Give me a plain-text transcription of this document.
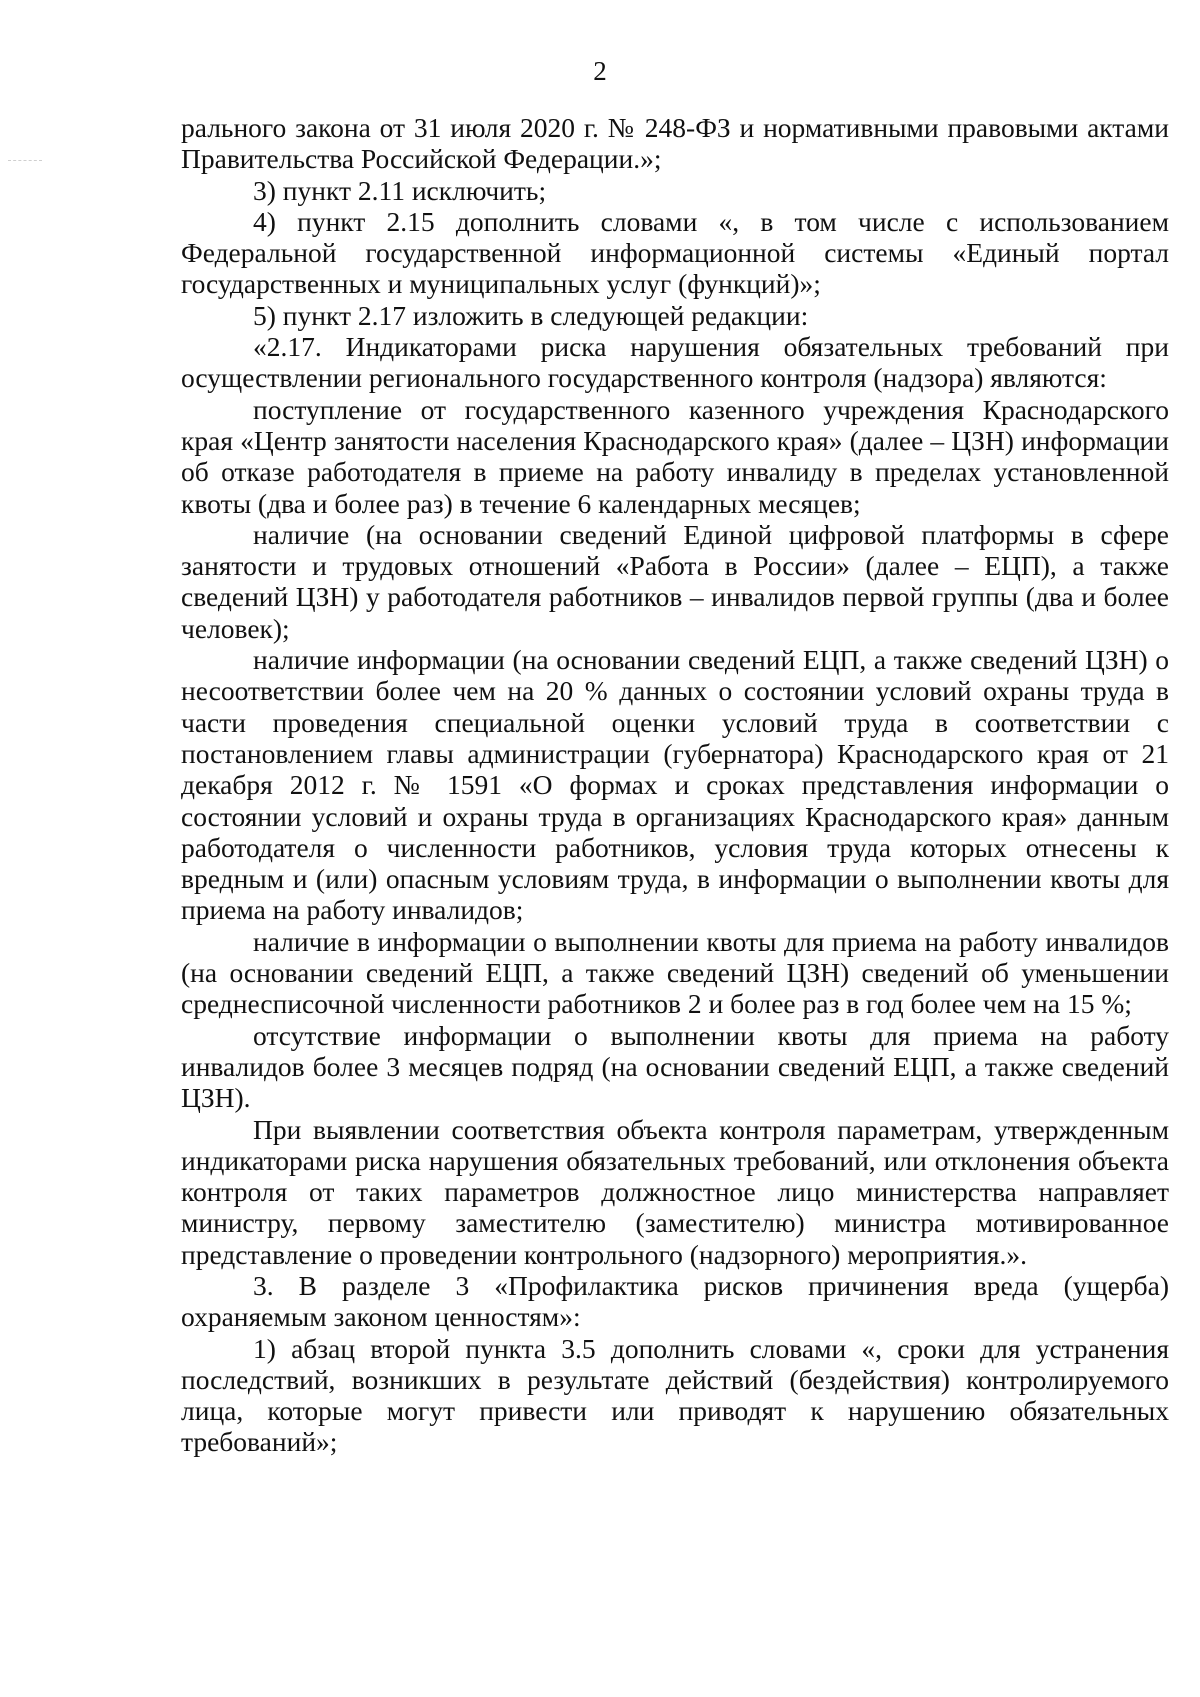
2

рального закона от 31 июля 2020 г. № 248-ФЗ и нормативными правовыми актами Правительства Российской Федерации.»;

3) пункт 2.11 исключить;

4) пункт 2.15 дополнить словами «, в том числе с использованием Федеральной государственной информационной системы «Единый портал государственных и муниципальных услуг (функций)»;

5) пункт 2.17 изложить в следующей редакции:

«2.17. Индикаторами риска нарушения обязательных требований при осуществлении регионального государственного контроля (надзора) являются:

поступление от государственного казенного учреждения Краснодарского края «Центр занятости населения Краснодарского края» (далее – ЦЗН) информации об отказе работодателя в приеме на работу инвалиду в пределах установленной квоты (два и более раз) в течение 6 календарных месяцев;

наличие (на основании сведений Единой цифровой платформы в сфере занятости и трудовых отношений «Работа в России» (далее – ЕЦП), а также сведений ЦЗН) у работодателя работников – инвалидов первой группы (два и более человек);

наличие информации (на основании сведений ЕЦП, а также сведений ЦЗН) о несоответствии более чем на 20 % данных о состоянии условий охраны труда в части проведения специальной оценки условий труда в соответствии с постановлением главы администрации (губернатора) Краснодарского края от 21 декабря 2012 г. № 1591 «О формах и сроках представления информации о состоянии условий и охраны труда в организациях Краснодарского края» данным работодателя о численности работников, условия труда которых отнесены к вредным и (или) опасным условиям труда, в информации о выполнении квоты для приема на работу инвалидов;

наличие в информации о выполнении квоты для приема на работу инвалидов (на основании сведений ЕЦП, а также сведений ЦЗН) сведений об уменьшении среднесписочной численности работников 2 и более раз в год более чем на 15 %;

отсутствие информации о выполнении квоты для приема на работу инвалидов более 3 месяцев подряд (на основании сведений ЕЦП, а также сведений ЦЗН).

При выявлении соответствия объекта контроля параметрам, утвержденным индикаторами риска нарушения обязательных требований, или отклонения объекта контроля от таких параметров должностное лицо министерства направляет министру, первому заместителю (заместителю) министра мотивированное представление о проведении контрольного (надзорного) мероприятия.».

3. В разделе 3 «Профилактика рисков причинения вреда (ущерба) охраняемым законом ценностям»:

1) абзац второй пункта 3.5 дополнить словами «, сроки для устранения последствий, возникших в результате действий (бездействия) контролируемого лица, которые могут привести или приводят к нарушению обязательных требований»;
